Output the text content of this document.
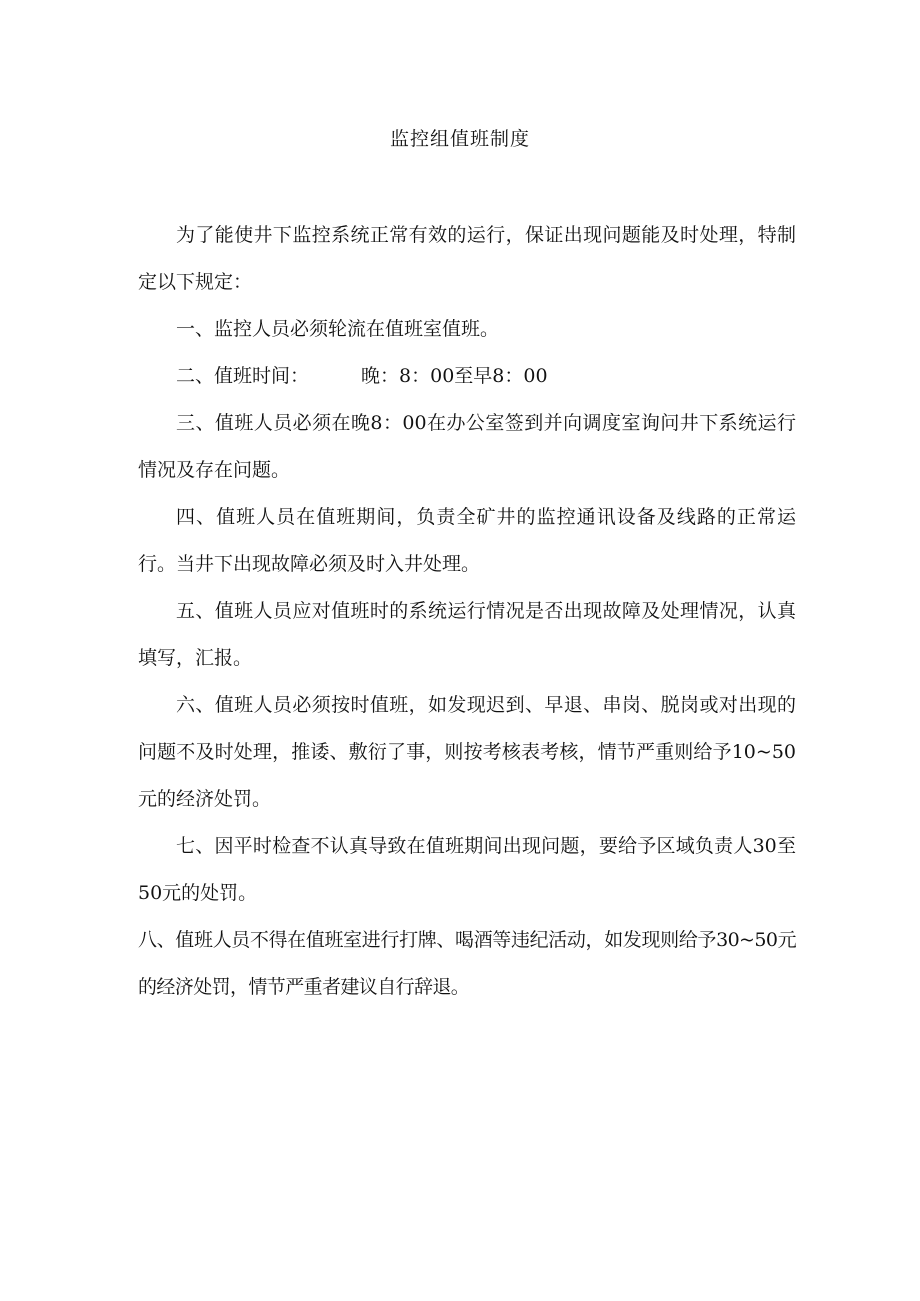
监控组值班制度

为了能使井下监控系统正常有效的运行，保证出现问题能及时处理，特制定以下规定：

一、监控人员必须轮流在值班室值班。

二、值班时间：	晚：8：00至早8：00

三、值班人员必须在晚8：00在办公室签到并向调度室询问井下系统运行情况及存在问题。

四、值班人员在值班期间，负责全矿井的监控通讯设备及线路的正常运行。当井下出现故障必须及时入井处理。

五、值班人员应对值班时的系统运行情况是否出现故障及处理情况，认真填写，汇报。

六、值班人员必须按时值班，如发现迟到、早退、串岗、脱岗或对出现的问题不及时处理，推诿、敷衍了事，则按考核表考核，情节严重则给予10~50元的经济处罚。

七、因平时检查不认真导致在值班期间出现问题，要给予区域负责人30至50元的处罚。

八、值班人员不得在值班室进行打牌、喝酒等违纪活动，如发现则给予30~50元的经济处罚，情节严重者建议自行辞退。
